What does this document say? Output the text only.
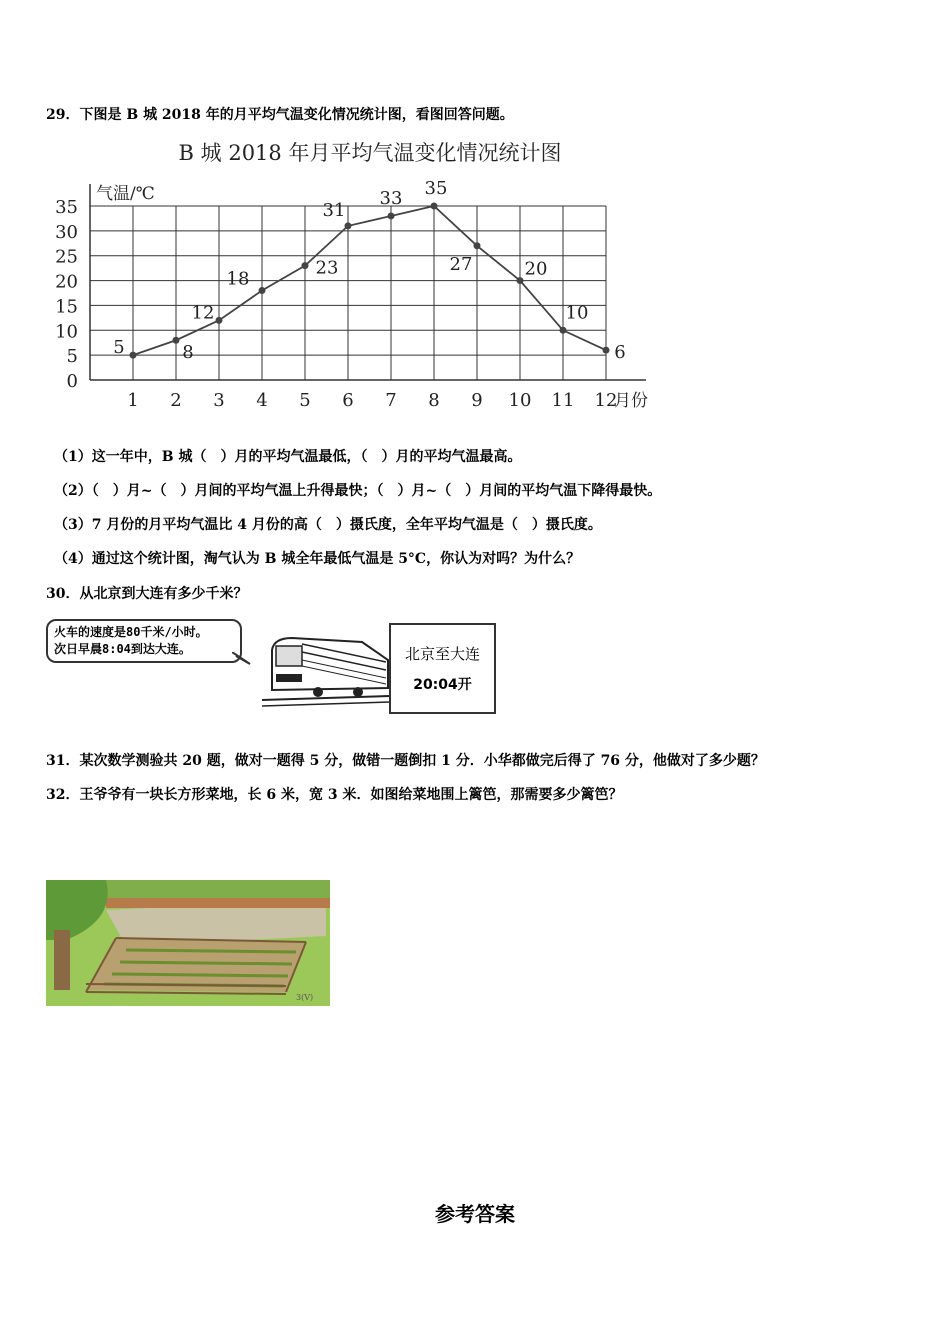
29．下图是 B 城 2018 年的月平均气温变化情况统计图，看图回答问题。
B 城 2018 年月平均气温变化情况统计图
0
5
10
15
20
25
30
35
1 2 3 4 5 6 7 8 9 10 11 12
气温/℃
月份
5	8
12
18
23
31
33 35
27	20
10
6
（1）这一年中，B 城（　）月的平均气温最低，（　）月的平均气温最高。
（2）（　）月~（　）月间的平均气温上升得最快；（　）月~（　）月间的平均气温下降得最快。
（3）7 月份的月平均气温比 4 月份的高（　）摄氏度，全年平均气温是（　）摄氏度。
（4）通过这个统计图，淘气认为 B 城全年最低气温是 5°C，你认为对吗？为什么？
30．从北京到大连有多少千米？
火车的速度是80千米/小时。
次日早晨8:04到达大连。	北京至大连
20:04开
31．某次数学测验共 20 题，做对一题得 5 分，做错一题倒扣 1 分．小华都做完后得了 76 分，他做对了多少题？
32．王爷爷有一块长方形菜地，长 6 米，宽 3 米．如图给菜地围上篱笆，那需要多少篱笆？
3(V)
参考答案
